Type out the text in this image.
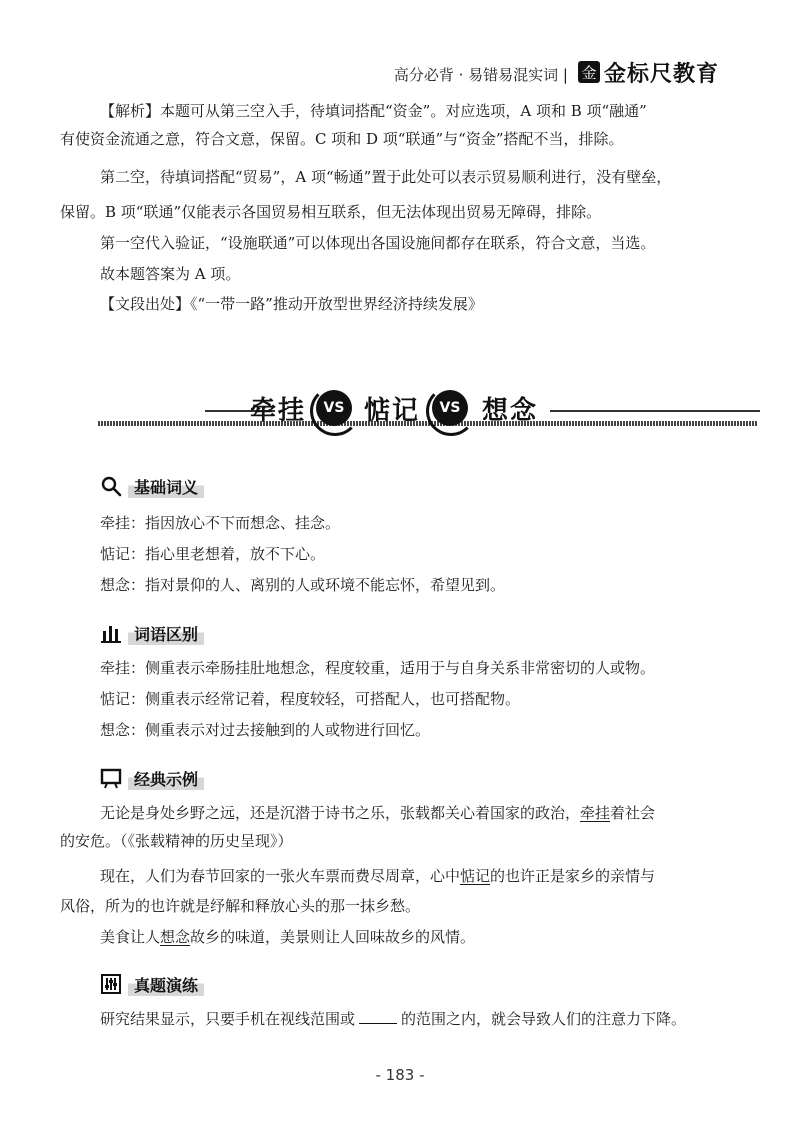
高分必背 · 易错易混实词 | 金 金标尺教育
【解析】本题可从第三空入手，待填词搭配“资金”。对应选项，A 项和 B 项“融通”
有使资金流通之意，符合文意，保留。C 项和 D 项“联通”与“资金”搭配不当，排除。
第二空，待填词搭配“贸易”，A 项“畅通”置于此处可以表示贸易顺利进行，没有壁垒，
保留。B 项“联通”仅能表示各国贸易相互联系，但无法体现出贸易无障碍，排除。
第一空代入验证，“设施联通”可以体现出各国设施间都存在联系，符合文意，当选。
故本题答案为 A 项。
【文段出处】《“一带一路”推动开放型世界经济持续发展》
牵挂	VS 惦记	VS 想念
基础词义
牵挂：指因放心不下而想念、挂念。
惦记：指心里老想着，放不下心。
想念：指对景仰的人、离别的人或环境不能忘怀，希望见到。
词语区别
牵挂：侧重表示牵肠挂肚地想念，程度较重，适用于与自身关系非常密切的人或物。
惦记：侧重表示经常记着，程度较轻，可搭配人，也可搭配物。
想念：侧重表示对过去接触到的人或物进行回忆。
经典示例
无论是身处乡野之远，还是沉潜于诗书之乐，张载都关心着国家的政治，牵挂着社会
的安危。（《张载精神的历史呈现》）
现在，人们为春节回家的一张火车票而费尽周章，心中惦记的也许正是家乡的亲情与
风俗，所为的也许就是纾解和释放心头的那一抹乡愁。
美食让人想念故乡的味道，美景则让人回味故乡的风情。
真题演练
研究结果显示，只要手机在视线范围或	的范围之内，就会导致人们的注意力下降。
- 183 -
